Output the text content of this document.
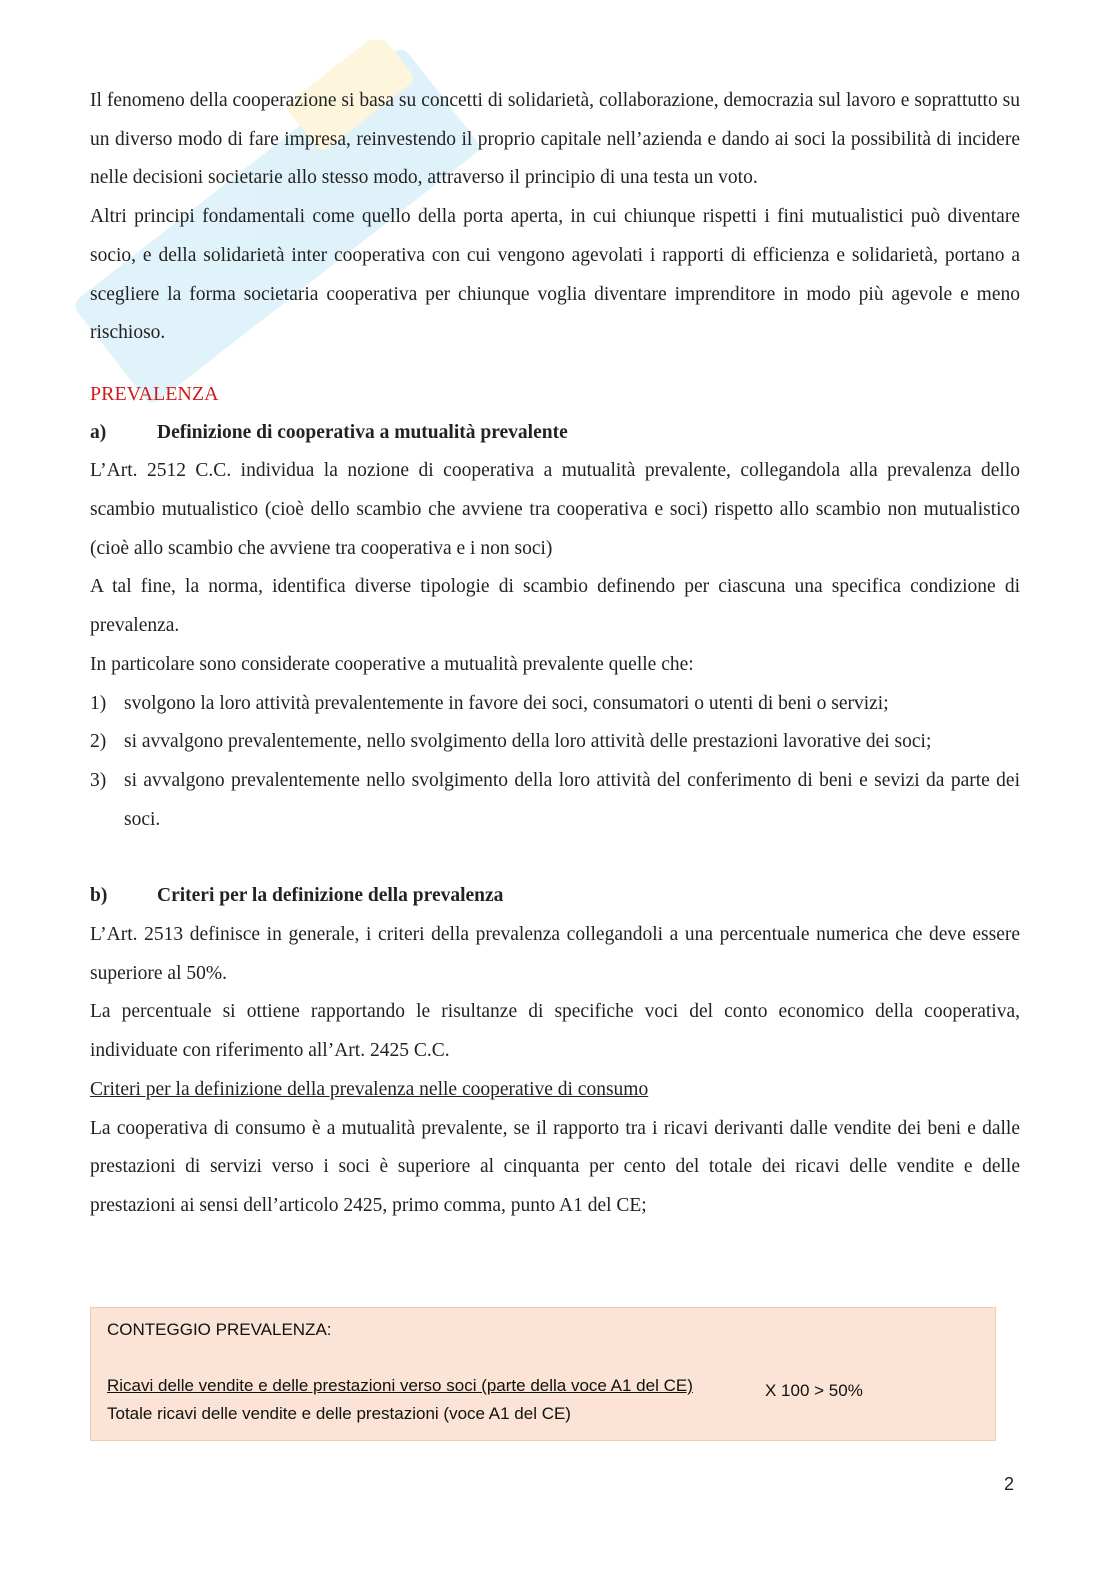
Il fenomeno della cooperazione si basa su concetti di solidarietà, collaborazione, democrazia sul lavoro e soprattutto su un diverso modo di fare impresa, reinvestendo il proprio capitale nell’azienda e dando ai soci la possibilità di incidere nelle decisioni societarie allo stesso modo, attraverso il principio di una testa un voto.

Altri principi fondamentali come quello della porta aperta, in cui chiunque rispetti i fini mutualistici può diventare socio, e della solidarietà inter cooperativa con cui vengono agevolati i rapporti di efficienza e solidarietà, portano a scegliere la forma societaria cooperativa per chiunque voglia diventare imprenditore in modo più agevole e meno rischioso.

PREVALENZA

a)	Definizione di cooperativa a mutualità prevalente

L’Art. 2512 C.C. individua la nozione di cooperativa a mutualità prevalente, collegandola alla prevalenza dello scambio mutualistico (cioè dello scambio che avviene tra cooperativa e soci) rispetto allo scambio non mutualistico (cioè allo scambio che avviene tra cooperativa e i non soci)

A tal fine, la norma, identifica diverse tipologie di scambio definendo per ciascuna una specifica condizione di prevalenza.

In particolare sono considerate cooperative a mutualità prevalente quelle che:

1) svolgono la loro attività prevalentemente in favore dei soci, consumatori o utenti di beni o servizi;
2) si avvalgono prevalentemente, nello svolgimento della loro attività delle prestazioni lavorative dei soci;
3) si avvalgono prevalentemente nello svolgimento della loro attività del conferimento di beni e sevizi da parte dei soci.
b)	Criteri per la definizione della prevalenza

L’Art. 2513 definisce in generale, i criteri della prevalenza collegandoli a una percentuale numerica che deve essere superiore al 50%.

La percentuale si ottiene rapportando le risultanze di specifiche voci del conto economico della cooperativa, individuate con riferimento all’Art. 2425 C.C.

Criteri per la definizione della prevalenza nelle cooperative di consumo

La cooperativa di consumo è a mutualità prevalente, se il rapporto tra i ricavi derivanti dalle vendite dei beni e dalle prestazioni di servizi verso i soci è superiore al cinquanta per cento del totale dei ricavi delle vendite e delle prestazioni ai sensi dell’articolo 2425, primo comma, punto A1 del CE;

CONTEGGIO PREVALENZA:
Ricavi delle vendite e delle prestazioni verso soci (parte della voce A1 del CE)
Totale ricavi delle vendite e delle prestazioni (voce A1 del CE)
X 100 > 50%
2
